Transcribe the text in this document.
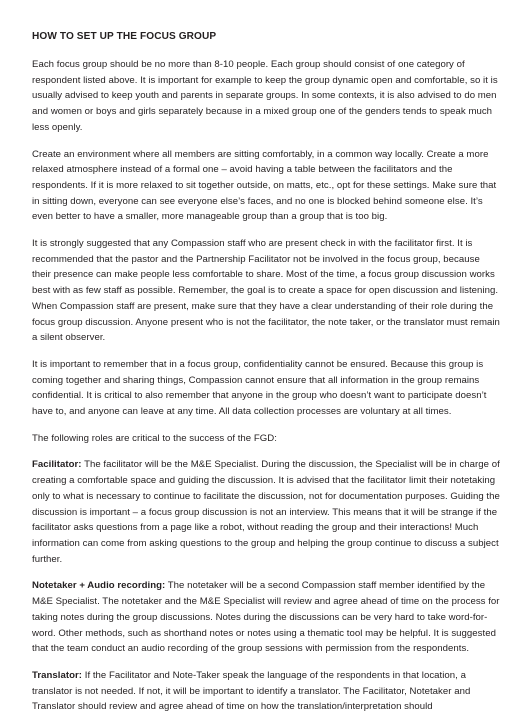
HOW TO SET UP THE FOCUS GROUP

Each focus group should be no more than 8-10 people. Each group should consist of one category of respondent listed above. It is important for example to keep the group dynamic open and comfortable, so it is usually advised to keep youth and parents in separate groups. In some contexts, it is also advised to do men and women or boys and girls separately because in a mixed group one of the genders tends to speak much less openly.

Create an environment where all members are sitting comfortably, in a common way locally. Create a more relaxed atmosphere instead of a formal one – avoid having a table between the facilitators and the respondents. If it is more relaxed to sit together outside, on matts, etc., opt for these settings. Make sure that in sitting down, everyone can see everyone else’s faces, and no one is blocked behind someone else. It’s even better to have a smaller, more manageable group than a group that is too big.

It is strongly suggested that any Compassion staff who are present check in with the facilitator first. It is recommended that the pastor and the Partnership Facilitator not be involved in the focus group, because their presence can make people less comfortable to share. Most of the time, a focus group discussion works best with as few staff as possible. Remember, the goal is to create a space for open discussion and listening. When Compassion staff are present, make sure that they have a clear understanding of their role during the focus group discussion. Anyone present who is not the facilitator, the note taker, or the translator must remain a silent observer.

It is important to remember that in a focus group, confidentiality cannot be ensured. Because this group is coming together and sharing things, Compassion cannot ensure that all information in the group remains confidential. It is critical to also remember that anyone in the group who doesn’t want to participate doesn’t have to, and anyone can leave at any time. All data collection processes are voluntary at all times.

The following roles are critical to the success of the FGD:

Facilitator: The facilitator will be the M&E Specialist. During the discussion, the Specialist will be in charge of creating a comfortable space and guiding the discussion. It is advised that the facilitator limit their notetaking only to what is necessary to continue to facilitate the discussion, not for documentation purposes. Guiding the discussion is important – a focus group discussion is not an interview. This means that it will be strange if the facilitator asks questions from a page like a robot, without reading the group and their interactions! Much information can come from asking questions to the group and helping the group continue to discuss a subject further.

Notetaker + Audio recording: The notetaker will be a second Compassion staff member identified by the M&E Specialist. The notetaker and the M&E Specialist will review and agree ahead of time on the process for taking notes during the group discussions. Notes during the discussions can be very hard to take word-for-word. Other methods, such as shorthand notes or notes using a thematic tool may be helpful. It is suggested that the team conduct an audio recording of the group sessions with permission from the respondents.

Translator: If the Facilitator and Note-Taker speak the language of the respondents in that location, a translator is not needed. If not, it will be important to identify a translator. The Facilitator, Notetaker and Translator should review and agree ahead of time on how the translation/interpretation should
